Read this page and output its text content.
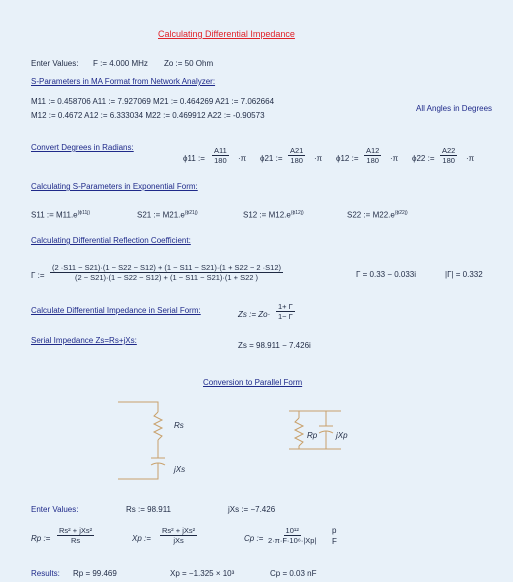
Calculating Differential Impedance
Enter Values: F := 4.000 MHz Zo := 50 Ohm
S-Parameters in MA Format from Network Analyzer:
M11 := 0.458706 A11 := 7.927069 M21 := 0.464269 A21 := 7.062664
M12 := 0.4672 A12 := 6.333034 M22 := 0.469912 A22 := -0.90573
All Angles in Degrees
Convert Degrees in Radians:
ϕ11 := $\frac{A11}{180} \cdot\pi$ ϕ21 := $\frac{A21}{180} \cdot\pi$ ϕ12 := $\frac{A12}{180} \cdot\pi$ ϕ22 := $\frac{A22}{180} \cdot\pi$
Calculating S-Parameters in Exponential Form:
S11 := $M11.e^{(\phi 11j)}$	S21 := $M21.e^{(\phi 21j)}$	S12 := $M12.e^{(\phi 12j)}$	S22 := $M22.e^{(\phi 22j)}$
Calculating Differential Reflection Coefficient:
Γ :=
(2 ·S11 − S21)·(1 − S22 − S12) + (1 − S11 − S21)·(1 + S22 − 2 ·S12)
(2 − S21)·(1 − S22 − S12) + (1 − S11 − S21)·(1 + S22 )	Γ = 0.33 − 0.033i	|Γ| = 0.332
Calculate Differential Impedance in Serial Form:	Zs := $Zo\cdot \frac{1+ \Gamma}{1- \Gamma}$
Serial Impedance Zs=Rs+jXs:
Zs = 98.911 − 7.426i
Conversion to Parallel Form
Rs
jXs
Rp jXp
Enter Values:	Rs := 98.911	jXs := −7.426
Rp :=
Rs² + jXs²
Rs	Xp :=
Rs² + jXs²
jXs	Cp := $\frac{\text{10¹²}}{\text{2·π·F·10⁶·|Xp|}}$ p
F
Results: Rp = 99.469	Xp = −1.325 × 10³	Cp = 0.03 nF
